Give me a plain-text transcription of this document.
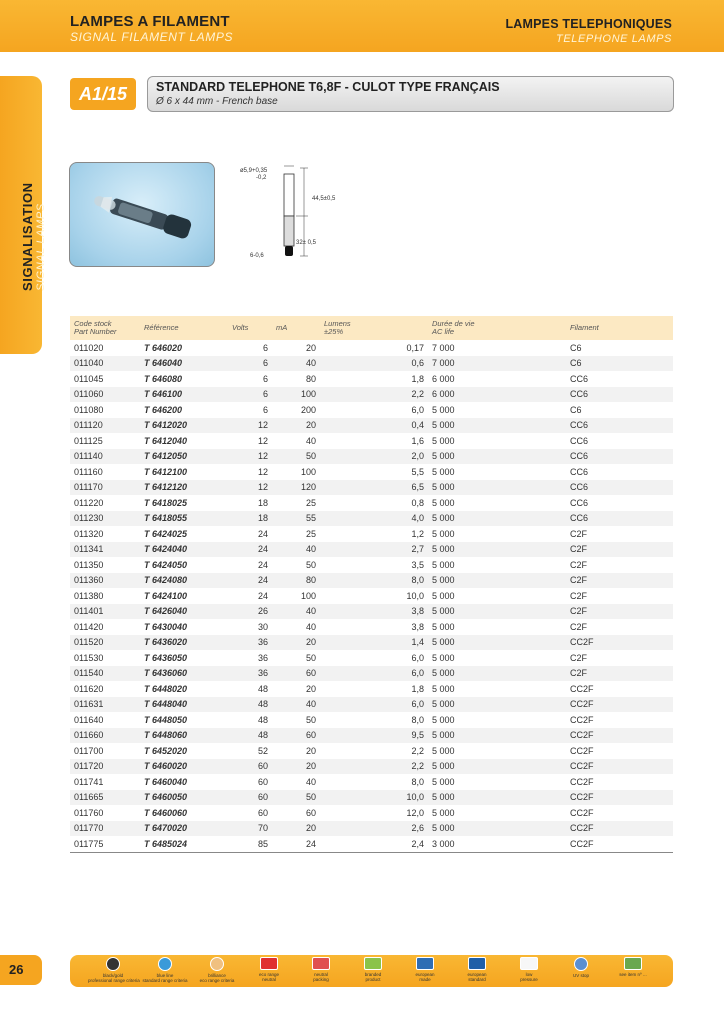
LAMPES A FILAMENT
SIGNAL FILAMENT LAMPS
LAMPES TELEPHONIQUES
TELEPHONE LAMPS
SIGNALISATION SIGNAL LAMPS
A1/15	STANDARD TELEPHONE T6,8F - CULOT TYPE FRANÇAIS
Ø 6 x 44 mm - French base
ø5,9+0,35
-0,2
44,5±0,5
32± 0,5
6-0,6
Code stock
Part Number	Référence	Volts	mA	Lumens
±25%	Durée de vie
AC life	Filament
011020	T 646020	6	20	0,17	7 000	C6
011040	T 646040	6	40	0,6	7 000	C6
011045	T 646080	6	80	1,8	6 000	CC6
011060	T 646100	6	100	2,2	6 000	CC6
011080	T 646200	6	200	6,0	5 000	C6
011120	T 6412020	12	20	0,4	5 000	CC6
011125	T 6412040	12	40	1,6	5 000	CC6
011140	T 6412050	12	50	2,0	5 000	CC6
011160	T 6412100	12	100	5,5	5 000	CC6
011170	T 6412120	12	120	6,5	5 000	CC6
011220	T 6418025	18	25	0,8	5 000	CC6
011230	T 6418055	18	55	4,0	5 000	CC6
011320	T 6424025	24	25	1,2	5 000	C2F
011341	T 6424040	24	40	2,7	5 000	C2F
011350	T 6424050	24	50	3,5	5 000	C2F
011360	T 6424080	24	80	8,0	5 000	C2F
011380	T 6424100	24	100	10,0	5 000	C2F
011401	T 6426040	26	40	3,8	5 000	C2F
011420	T 6430040	30	40	3,8	5 000	C2F
011520	T 6436020	36	20	1,4	5 000	CC2F
011530	T 6436050	36	50	6,0	5 000	C2F
011540	T 6436060	36	60	6,0	5 000	C2F
011620	T 6448020	48	20	1,8	5 000	CC2F
011631	T 6448040	48	40	6,0	5 000	CC2F
011640	T 6448050	48	50	8,0	5 000	CC2F
011660	T 6448060	48	60	9,5	5 000	CC2F
011700	T 6452020	52	20	2,2	5 000	CC2F
011720	T 6460020	60	20	2,2	5 000	CC2F
011741	T 6460040	60	40	8,0	5 000	CC2F
011665	T 6460050	60	50	10,0	5 000	CC2F
011760	T 6460060	60	60	12,0	5 000	CC2F
011770	T 6470020	70	20	2,6	5 000	CC2F
011775	T 6485024	85	24	2,4	3 000	CC2F
26	black/gold
professional range criteria
blue line
standard range criteria
brilliance
eco range criteria
eco range
neutral
neutral
packing
branded
product
european
made
european
standard
low
pressure
UV stop	see item nº ...
